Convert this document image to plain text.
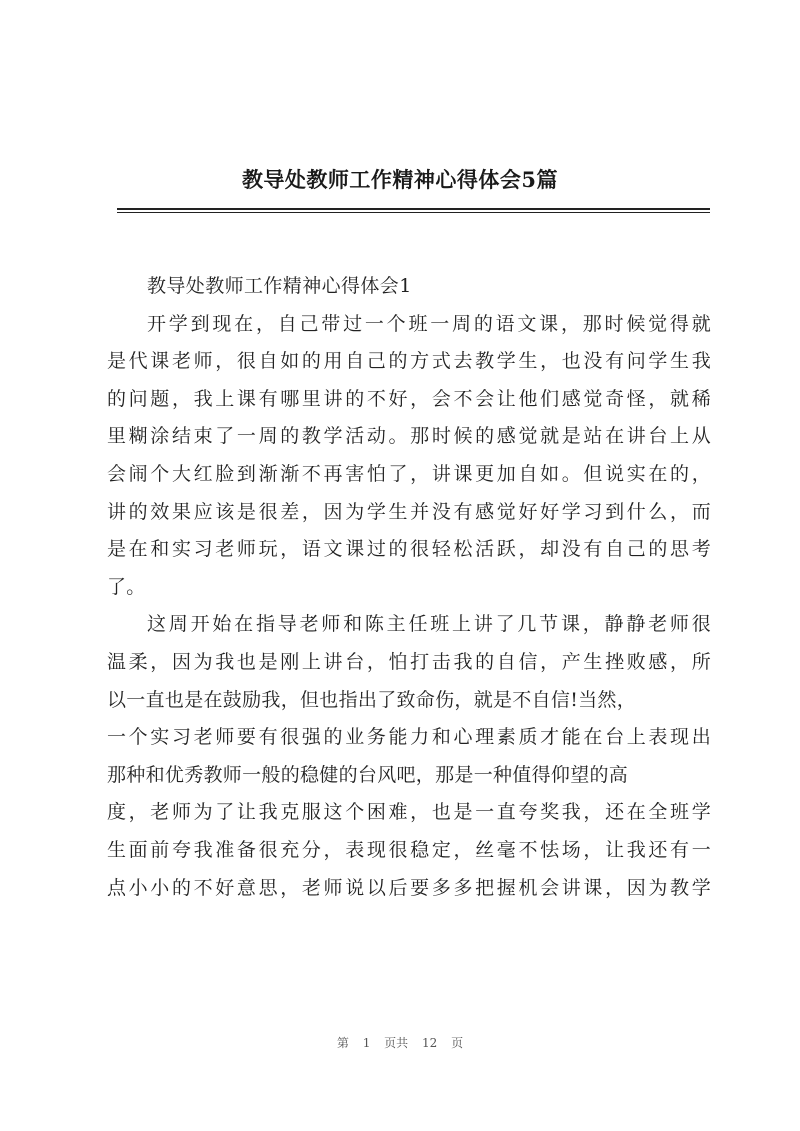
教导处教师工作精神心得体会5篇

教导处教师工作精神心得体会1

开学到现在，自己带过一个班一周的语文课，那时候觉得就

是代课老师，很自如的用自己的方式去教学生，也没有问学生我

的问题，我上课有哪里讲的不好，会不会让他们感觉奇怪，就稀

里糊涂结束了一周的教学活动。那时候的感觉就是站在讲台上从

会闹个大红脸到渐渐不再害怕了，讲课更加自如。但说实在的，

讲的效果应该是很差，因为学生并没有感觉好好学习到什么，而

是在和实习老师玩，语文课过的很轻松活跃，却没有自己的思考

了。

这周开始在指导老师和陈主任班上讲了几节课，静静老师很

温柔，因为我也是刚上讲台，怕打击我的自信，产生挫败感，所

以一直也是在鼓励我，但也指出了致命伤，就是不自信!当然，

一个实习老师要有很强的业务能力和心理素质才能在台上表现出

那种和优秀教师一般的稳健的台风吧，那是一种值得仰望的高

度，老师为了让我克服这个困难，也是一直夸奖我，还在全班学

生面前夸我准备很充分，表现很稳定，丝毫不怯场，让我还有一

点小小的不好意思，老师说以后要多多把握机会讲课，因为教学

第 1 页共 12 页
